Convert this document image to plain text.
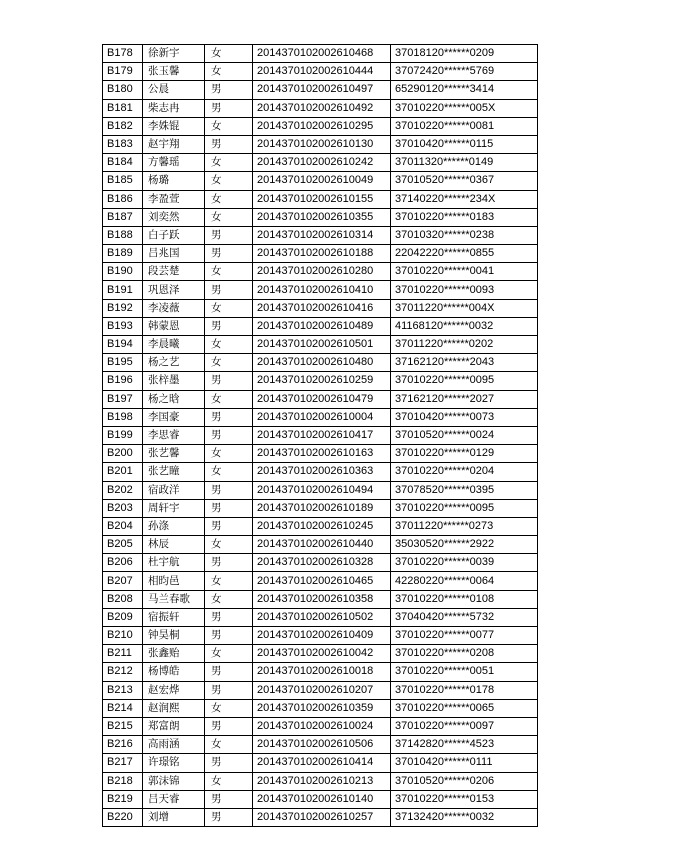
B178	徐新宇	女	2014370102002610468	37018120******0209
B179	张玉馨	女	2014370102002610444	37072420******5769
B180	公晨	男	2014370102002610497	65290120******3414
B181	柴志冉	男	2014370102002610492	37010220******005X
B182	李姝锟	女	2014370102002610295	37010220******0081
B183	赵宇翔	男	2014370102002610130	37010420******0115
B184	方馨瑶	女	2014370102002610242	37011320******0149
B185	杨璐	女	2014370102002610049	37010520******0367
B186	李盈萱	女	2014370102002610155	37140220******234X
B187	刘奕然	女	2014370102002610355	37010220******0183
B188	白子跃	男	2014370102002610314	37010320******0238
B189	吕兆国	男	2014370102002610188	22042220******0855
B190	段芸楚	女	2014370102002610280	37010220******0041
B191	巩恩泽	男	2014370102002610410	37010220******0093
B192	李凌薇	女	2014370102002610416	37011220******004X
B193	韩蒙恩	男	2014370102002610489	41168120******0032
B194	李晨曦	女	2014370102002610501	37011220******0202
B195	杨之艺	女	2014370102002610480	37162120******2043
B196	张梓墨	男	2014370102002610259	37010220******0095
B197	杨之晗	女	2014370102002610479	37162120******2027
B198	李国豪	男	2014370102002610004	37010420******0073
B199	李思睿	男	2014370102002610417	37010520******0024
B200	张艺馨	女	2014370102002610163	37010220******0129
B201	张艺瞳	女	2014370102002610363	37010220******0204
B202	宿政洋	男	2014370102002610494	37078520******0395
B203	周轩宇	男	2014370102002610189	37010220******0095
B204	孙涤	男	2014370102002610245	37011220******0273
B205	林辰	女	2014370102002610440	35030520******2922
B206	杜宇航	男	2014370102002610328	37010220******0039
B207	相昀邑	女	2014370102002610465	42280220******0064
B208	马兰春歌	女	2014370102002610358	37010220******0108
B209	宿振轩	男	2014370102002610502	37040420******5732
B210	钟昊桐	男	2014370102002610409	37010220******0077
B211	张鑫贻	女	2014370102002610042	37010220******0208
B212	杨博皓	男	2014370102002610018	37010220******0051
B213	赵宏烨	男	2014370102002610207	37010220******0178
B214	赵润熙	女	2014370102002610359	37010220******0065
B215	郑富朗	男	2014370102002610024	37010220******0097
B216	高雨涵	女	2014370102002610506	37142820******4523
B217	许璟铭	男	2014370102002610414	37010420******0111
B218	郭沫锦	女	2014370102002610213	37010520******0206
B219	吕天睿	男	2014370102002610140	37010220******0153
B220	刘增	男	2014370102002610257	37132420******0032
